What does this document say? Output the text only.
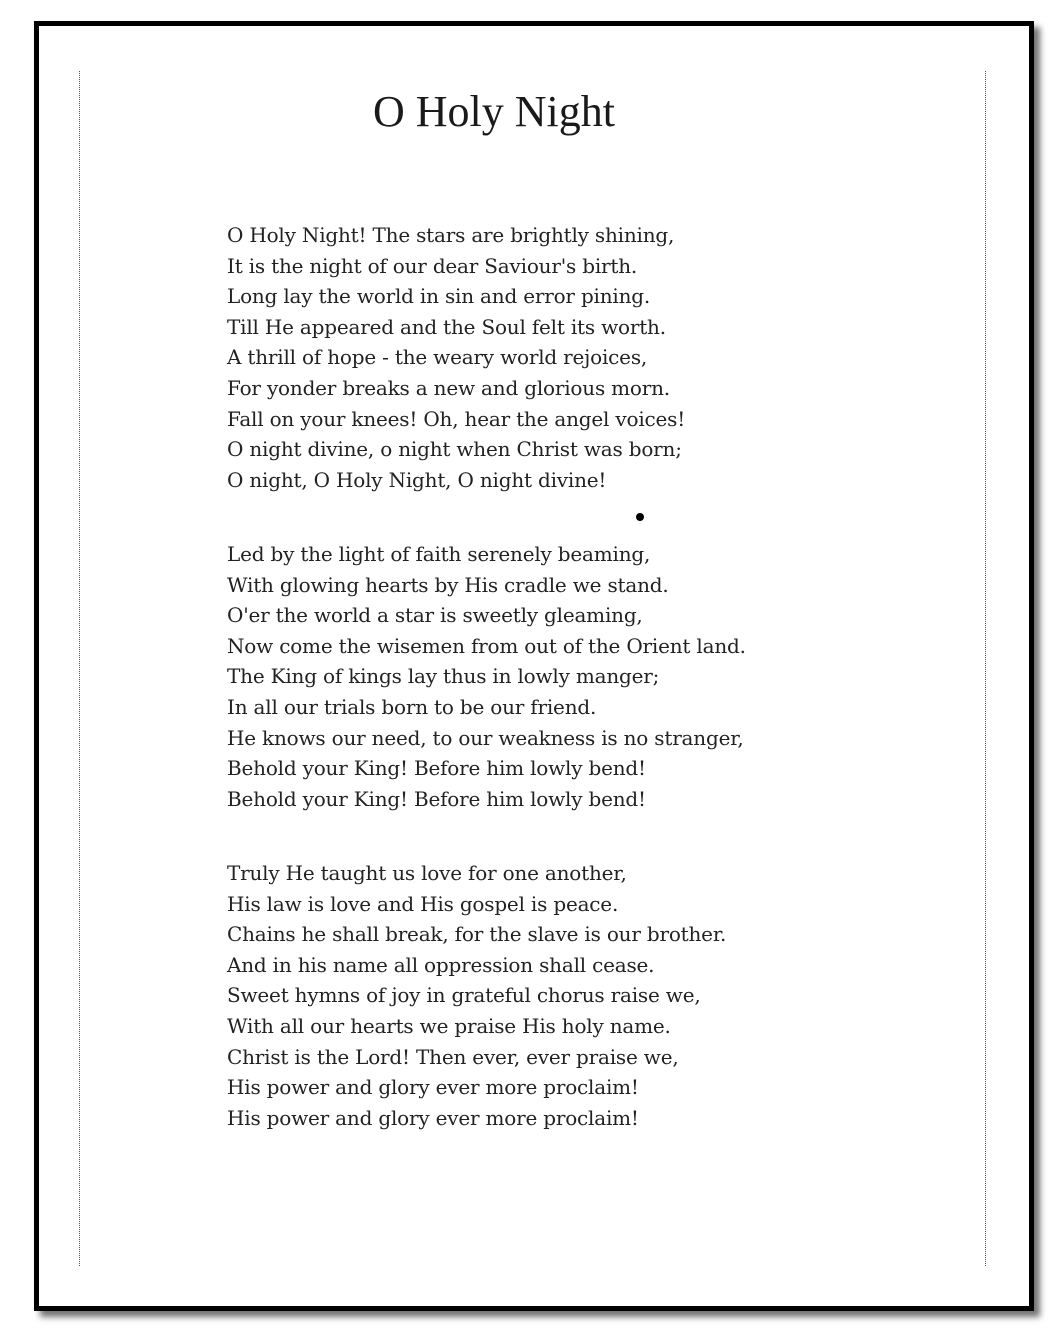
O Holy Night
O Holy Night! The stars are brightly shining,
It is the night of our dear Saviour's birth.
Long lay the world in sin and error pining.
Till He appeared and the Soul felt its worth.
A thrill of hope - the weary world rejoices,
For yonder breaks a new and glorious morn.
Fall on your knees! Oh, hear the angel voices!
O night divine, o night when Christ was born;
O night, O Holy Night, O night divine!
Led by the light of faith serenely beaming,
With glowing hearts by His cradle we stand.
O'er the world a star is sweetly gleaming,
Now come the wisemen from out of the Orient land.
The King of kings lay thus in lowly manger;
In all our trials born to be our friend.
He knows our need, to our weakness is no stranger,
Behold your King! Before him lowly bend!
Behold your King! Before him lowly bend!
Truly He taught us love for one another,
His law is love and His gospel is peace.
Chains he shall break, for the slave is our brother.
And in his name all oppression shall cease.
Sweet hymns of joy in grateful chorus raise we,
With all our hearts we praise His holy name.
Christ is the Lord! Then ever, ever praise we,
His power and glory ever more proclaim!
His power and glory ever more proclaim!
